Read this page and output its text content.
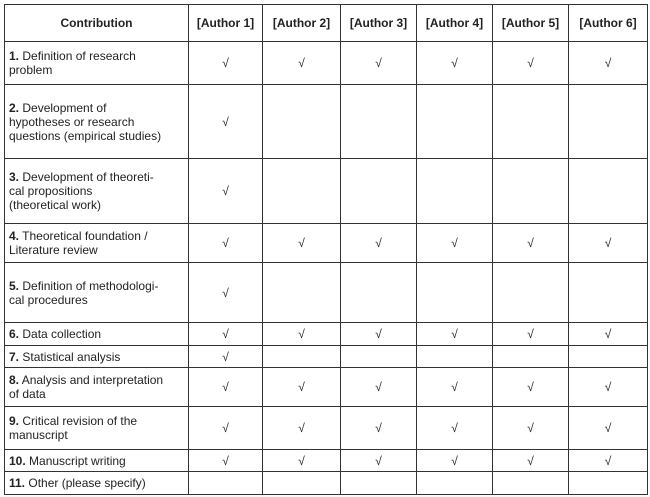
Contribution	[Author 1]	[Author 2]	[Author 3]	[Author 4]	[Author 5]	[Author 6]
1. Definition of research
problem	√	√	√	√	√	√
2. Development of
hypotheses or research
questions (empirical studies)	√					
3. Development of theoreti-
cal propositions
(theoretical work)	√					
4. Theoretical foundation /
Literature review	√	√	√	√	√	√
5. Definition of methodologi-
cal procedures	√					
6. Data collection	√	√	√	√	√	√
7. Statistical analysis	√					
8. Analysis and interpretation
of data	√	√	√	√	√	√
9. Critical revision of the
manuscript	√	√	√	√	√	√
10. Manuscript writing	√	√	√	√	√	√
11. Other (please specify)						
